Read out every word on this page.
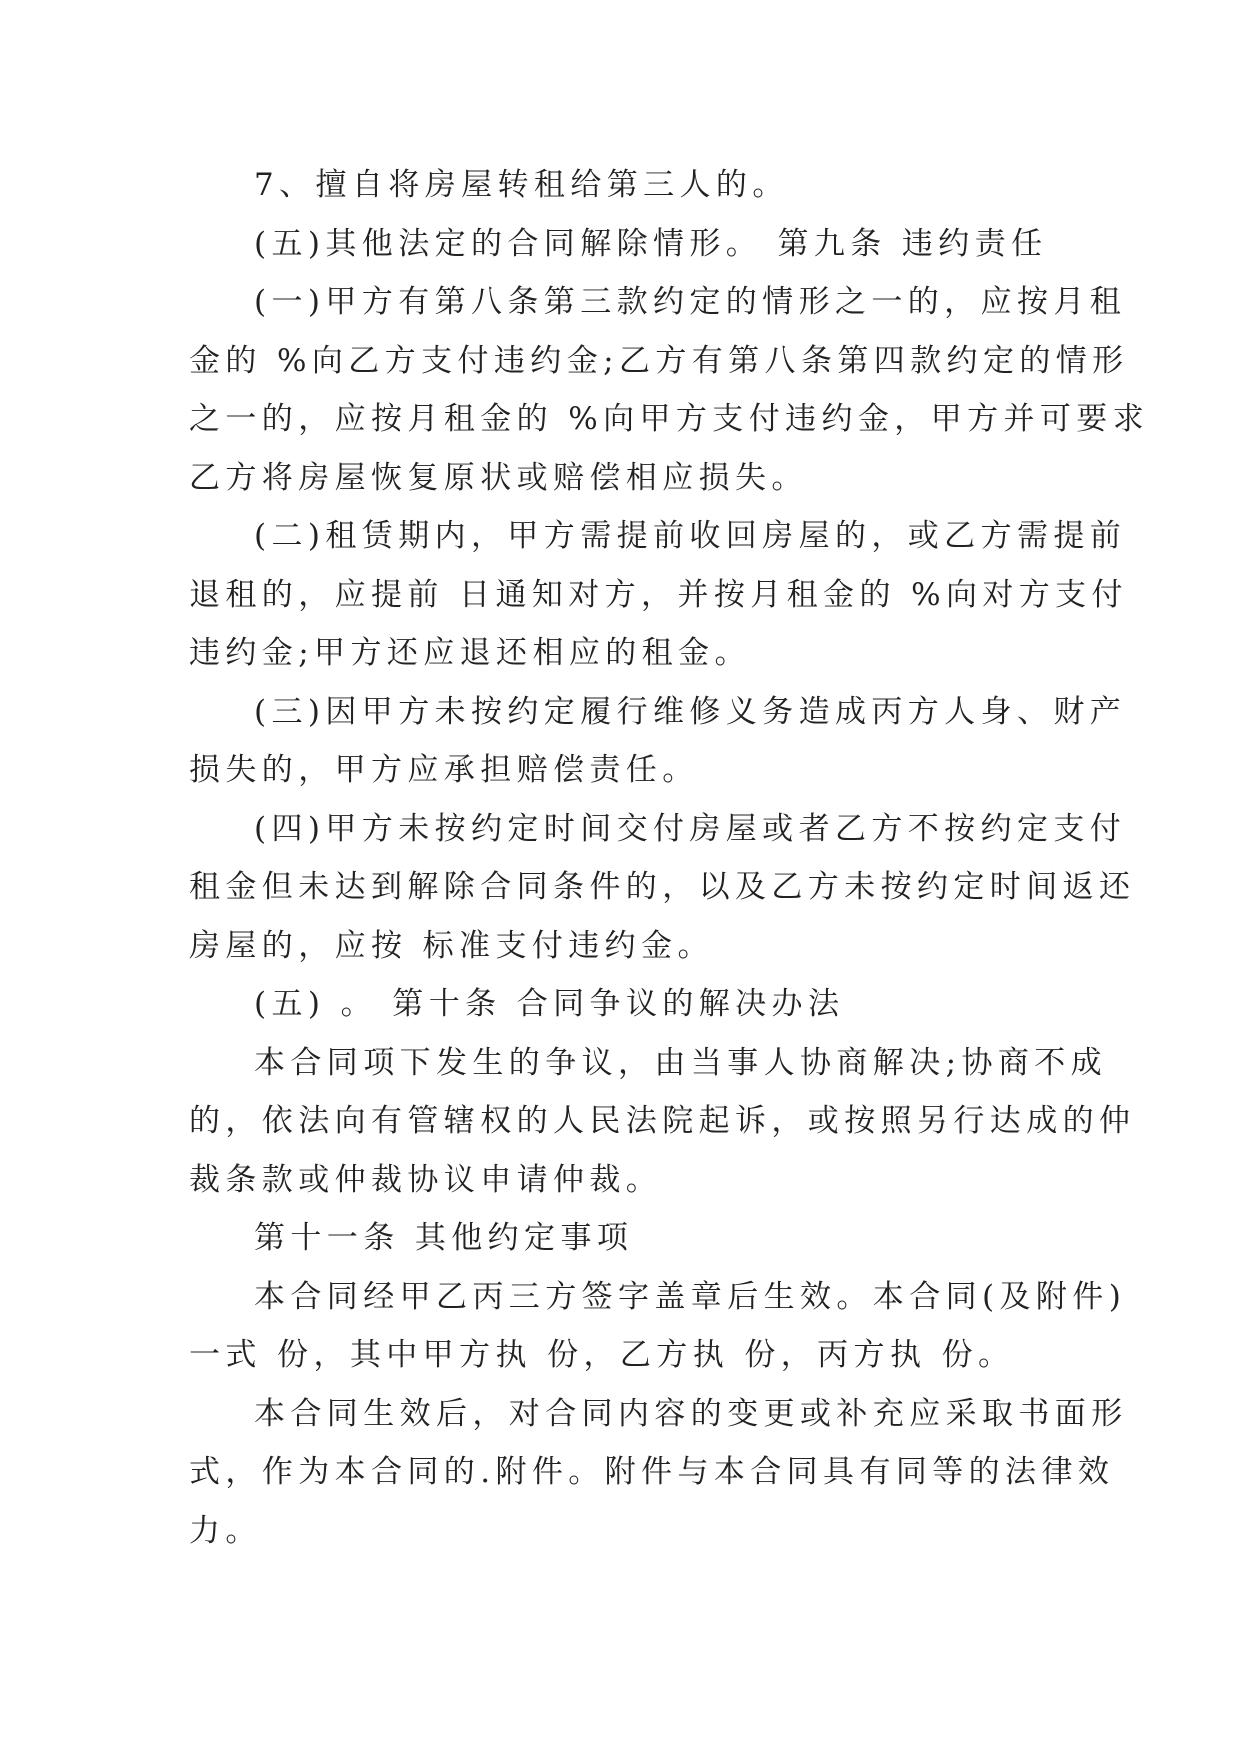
7、擅自将房屋转租给第三人的。

(五)其他法定的合同解除情形。 第九条 违约责任

(一)甲方有第八条第三款约定的情形之一的，应按月租
金的 %向乙方支付违约金;乙方有第八条第四款约定的情形
之一的，应按月租金的 %向甲方支付违约金，甲方并可要求
乙方将房屋恢复原状或赔偿相应损失。

(二)租赁期内，甲方需提前收回房屋的，或乙方需提前
退租的，应提前 日通知对方，并按月租金的 %向对方支付
违约金;甲方还应退还相应的租金。

(三)因甲方未按约定履行维修义务造成丙方人身、财产
损失的，甲方应承担赔偿责任。

(四)甲方未按约定时间交付房屋或者乙方不按约定支付
租金但未达到解除合同条件的，以及乙方未按约定时间返还
房屋的，应按 标准支付违约金。

(五) 。 第十条 合同争议的解决办法

本合同项下发生的争议，由当事人协商解决;协商不成
的，依法向有管辖权的人民法院起诉，或按照另行达成的仲
裁条款或仲裁协议申请仲裁。

第十一条 其他约定事项

本合同经甲乙丙三方签字盖章后生效。本合同(及附件)
一式 份，其中甲方执 份，乙方执 份，丙方执 份。

本合同生效后，对合同内容的变更或补充应采取书面形
式，作为本合同的.附件。附件与本合同具有同等的法律效
力。
